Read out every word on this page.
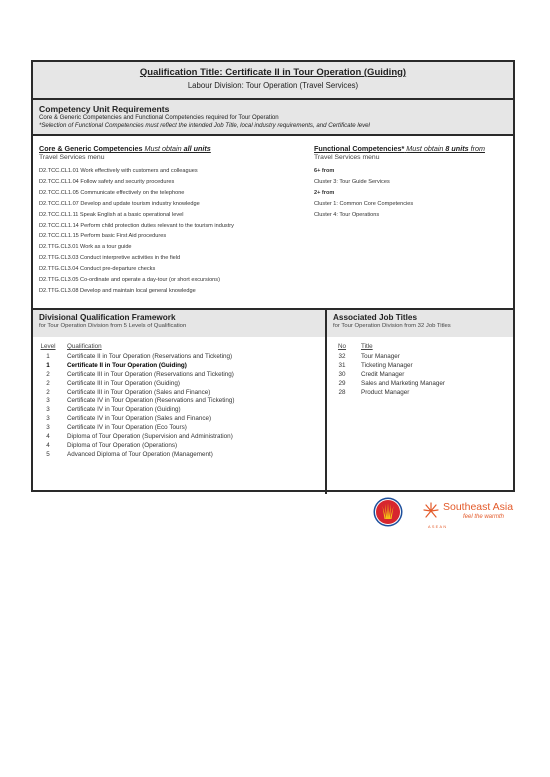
Qualification Title: Certificate II in Tour Operation (Guiding)
Labour Division: Tour Operation (Travel Services)
Competency Unit Requirements
Core & Generic Competencies and Functional Competencies required for Tour Operation
*Selection of Functional Competencies must reflect the intended Job Title, local industry requirements, and Certificate level
Core & Generic Competencies Must obtain all units
Travel Services menu
D2.TCC.CL1.01 Work effectively with customers and colleagues
D2.TCC.CL1.04 Follow safety and security procedures
D2.TCC.CL1.05 Communicate effectively on the telephone
D2.TCC.CL1.07 Develop and update tourism industry knowledge
D2.TCC.CL1.11 Speak English at a basic operational level
D2.TCC.CL1.14 Perform child protection duties relevant to the tourism industry
D2.TCC.CL1.15 Perform basic First Aid procedures
D2.TTG.CL3.01 Work as a tour guide
D2.TTG.CL3.03 Conduct interpretive activities in the field
D2.TTG.CL3.04 Conduct pre-departure checks
D2.TTG.CL3.05 Co-ordinate and operate a day-tour (or short excursions)
D2.TTG.CL3.08 Develop and maintain local general knowledge
Functional Competencies* Must obtain 8 units from
Travel Services menu
6+ from
Cluster 3: Tour Guide Services
2+ from
Cluster 1: Common Core Competencies
Cluster 4: Tour Operations
Divisional Qualification Framework
for Tour Operation Division from 5 Levels of Qualification
Level	Qualification
1	Certificate II in Tour Operation (Reservations and Ticketing)
1	Certificate II in Tour Operation (Guiding)
2	Certificate III in Tour Operation (Reservations and Ticketing)
2	Certificate III in Tour Operation (Guiding)
2	Certificate III in Tour Operation (Sales and Finance)
3	Certificate IV in Tour Operation (Reservations and Ticketing)
3	Certificate IV in Tour Operation (Guiding)
3	Certificate IV in Tour Operation (Sales and Finance)
3	Certificate IV in Tour Operation (Eco Tours)
4	Diploma of Tour Operation (Supervision and Administration)
4	Diploma of Tour Operation (Operations)
5	Advanced Diploma of Tour Operation (Management)
Associated Job Titles
for Tour Operation Division from 32 Job Titles
No	Title
32	Tour Manager
31	Ticketing Manager
30	Credit Manager
29	Sales and Marketing Manager
28	Product Manager
Southeast Asia
feel the warmth
ASEAN
